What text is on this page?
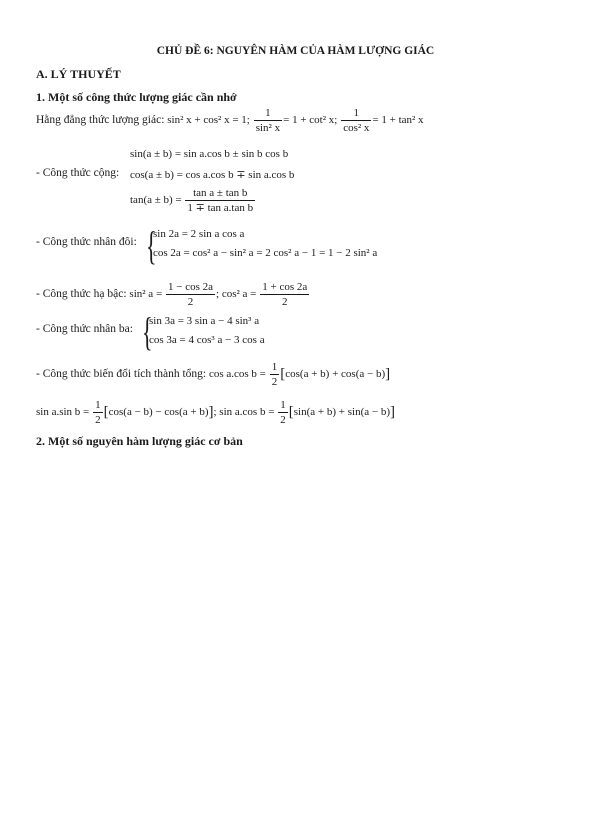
CHỦ ĐỀ 6: NGUYÊN HÀM CỦA HÀM LƯỢNG GIÁC
A. LÝ THUYẾT
1. Một số công thức lượng giác cần nhớ
Hằng đẳng thức lượng giác: sin² x + cos² x = 1; $\frac{1}{\text{sin² x}} = 1 + \cot^2$ x; $\frac{1}{\text{cos² x}} = 1 + \tan^2$ x
sin(a ± b) = sin a.cos b ± sin b cos b
- Công thức cộng: cos(a ± b) = cos a.cos b ∓ sin a.cos b
$\tan(a \pm b) = \frac{\text{tan a ± tan b}}{\text{1 ∓ tan a.tan b}}$
- Công thức nhân đôi: {
sin 2a = 2 sin a cos a
cos 2a = cos² a − sin² a = 2 cos² a − 1 = 1 − 2 sin² a
- Công thức hạ bậc: sin² $a = \frac{1 - \cos 2a}{2}$ ; cos² $a = \frac{1 + \cos 2a}{2}$
- Công thức nhân ba: {
sin 3a = 3 sin a − 4 sin³ a
cos 3a = 4 cos³ a − 3 cos a
- Công thức biến đổi tích thành tổng: cos a.cos $b = \frac{1}{2} [\cos(a + b) + \cos(a - b)]$
sin a.sin $b = \frac{1}{2} [\cos(a - b) - \cos(a + b)]$; sin a.cos $b = \frac{1}{2} [\sin(a + b) + \sin(a - b)]$
2. Một số nguyên hàm lượng giác cơ bản
